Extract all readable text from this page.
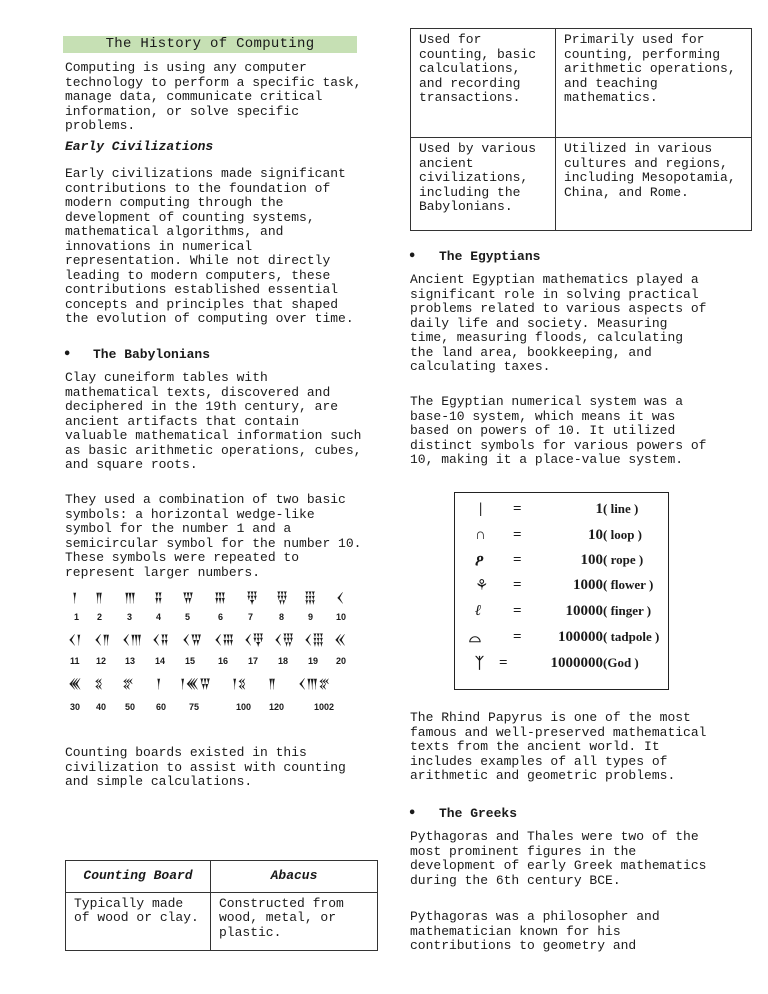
The History of Computing

Computing is using any computer technology to perform a specific task, manage data, communicate critical information, or solve specific problems.

Early Civilizations

Early civilizations made significant contributions to the foundation of modern computing through the development of counting systems, mathematical algorithms, and innovations in numerical representation. While not directly leading to modern computers, these contributions established essential concepts and principles that shaped the evolution of computing over time.

• The Babylonians

Clay cuneiform tables with mathematical texts, discovered and deciphered in the 19th century, are ancient artifacts that contain valuable mathematical information such as basic arithmetic operations, cubes, and square roots.

They used a combination of two basic symbols: a horizontal wedge-like symbol for the number 1 and a semicircular symbol for the number 10. These symbols were repeated to represent larger numbers.

𒁹 𒈫 𒐈 𒐉 𒐊 𒐋 𒑂 𒑄 𒑆 𒌋
1 2	3	4	5	6	7	8	9	10
𒌋𒁹 𒌋𒈫 𒌋𒐈 𒌋𒐉 𒌋𒐊 𒌋𒐋 𒌋𒑂 𒌋𒑄 𒌋𒑆 𒎙
11 12 13 14 15	16 17 18 19 20
𒌍 𒐏 𒐐 𒁹 𒁹𒌍𒐊 𒁹𒐏 𒈫 𒌋𒐈𒐐
30 40 50 60	75	100 120	1002

Counting boards existed in this civilization to assist with counting and simple calculations.

Counting Board	Abacus
Typically made of wood or clay.	Constructed from wood, metal, or plastic.
Used for counting, basic calculations, and recording transactions.	Primarily used for counting, performing arithmetic operations, and teaching mathematics.
Used by various ancient civilizations, including the Babylonians.	Utilized in various cultures and regions, including Mesopotamia, China, and Rome.

• The Egyptians

Ancient Egyptian mathematics played a significant role in solving practical problems related to various aspects of daily life and society. Measuring time, measuring floods, calculating the land area, bookkeeping, and calculating taxes.

The Egyptian numerical system was a base-10 system, which means it was based on powers of 10. It utilized distinct symbols for various powers of 10, making it a place-value system.

| =	1 ( line )
∩ =	10 ( loop )
ዖ =	100 ( rope )
⚘ =	1000 ( flower )
ℓ =	10000 ( finger )
⌓ =	100000 ( tadpole )
ᛉ =	1000000 (God )

The Rhind Papyrus is one of the most famous and well-preserved mathematical texts from the ancient world. It includes examples of all types of arithmetic and geometric problems.

• The Greeks

Pythagoras and Thales were two of the most prominent figures in the development of early Greek mathematics during the 6th century BCE.

Pythagoras was a philosopher and mathematician known for his contributions to geometry and
